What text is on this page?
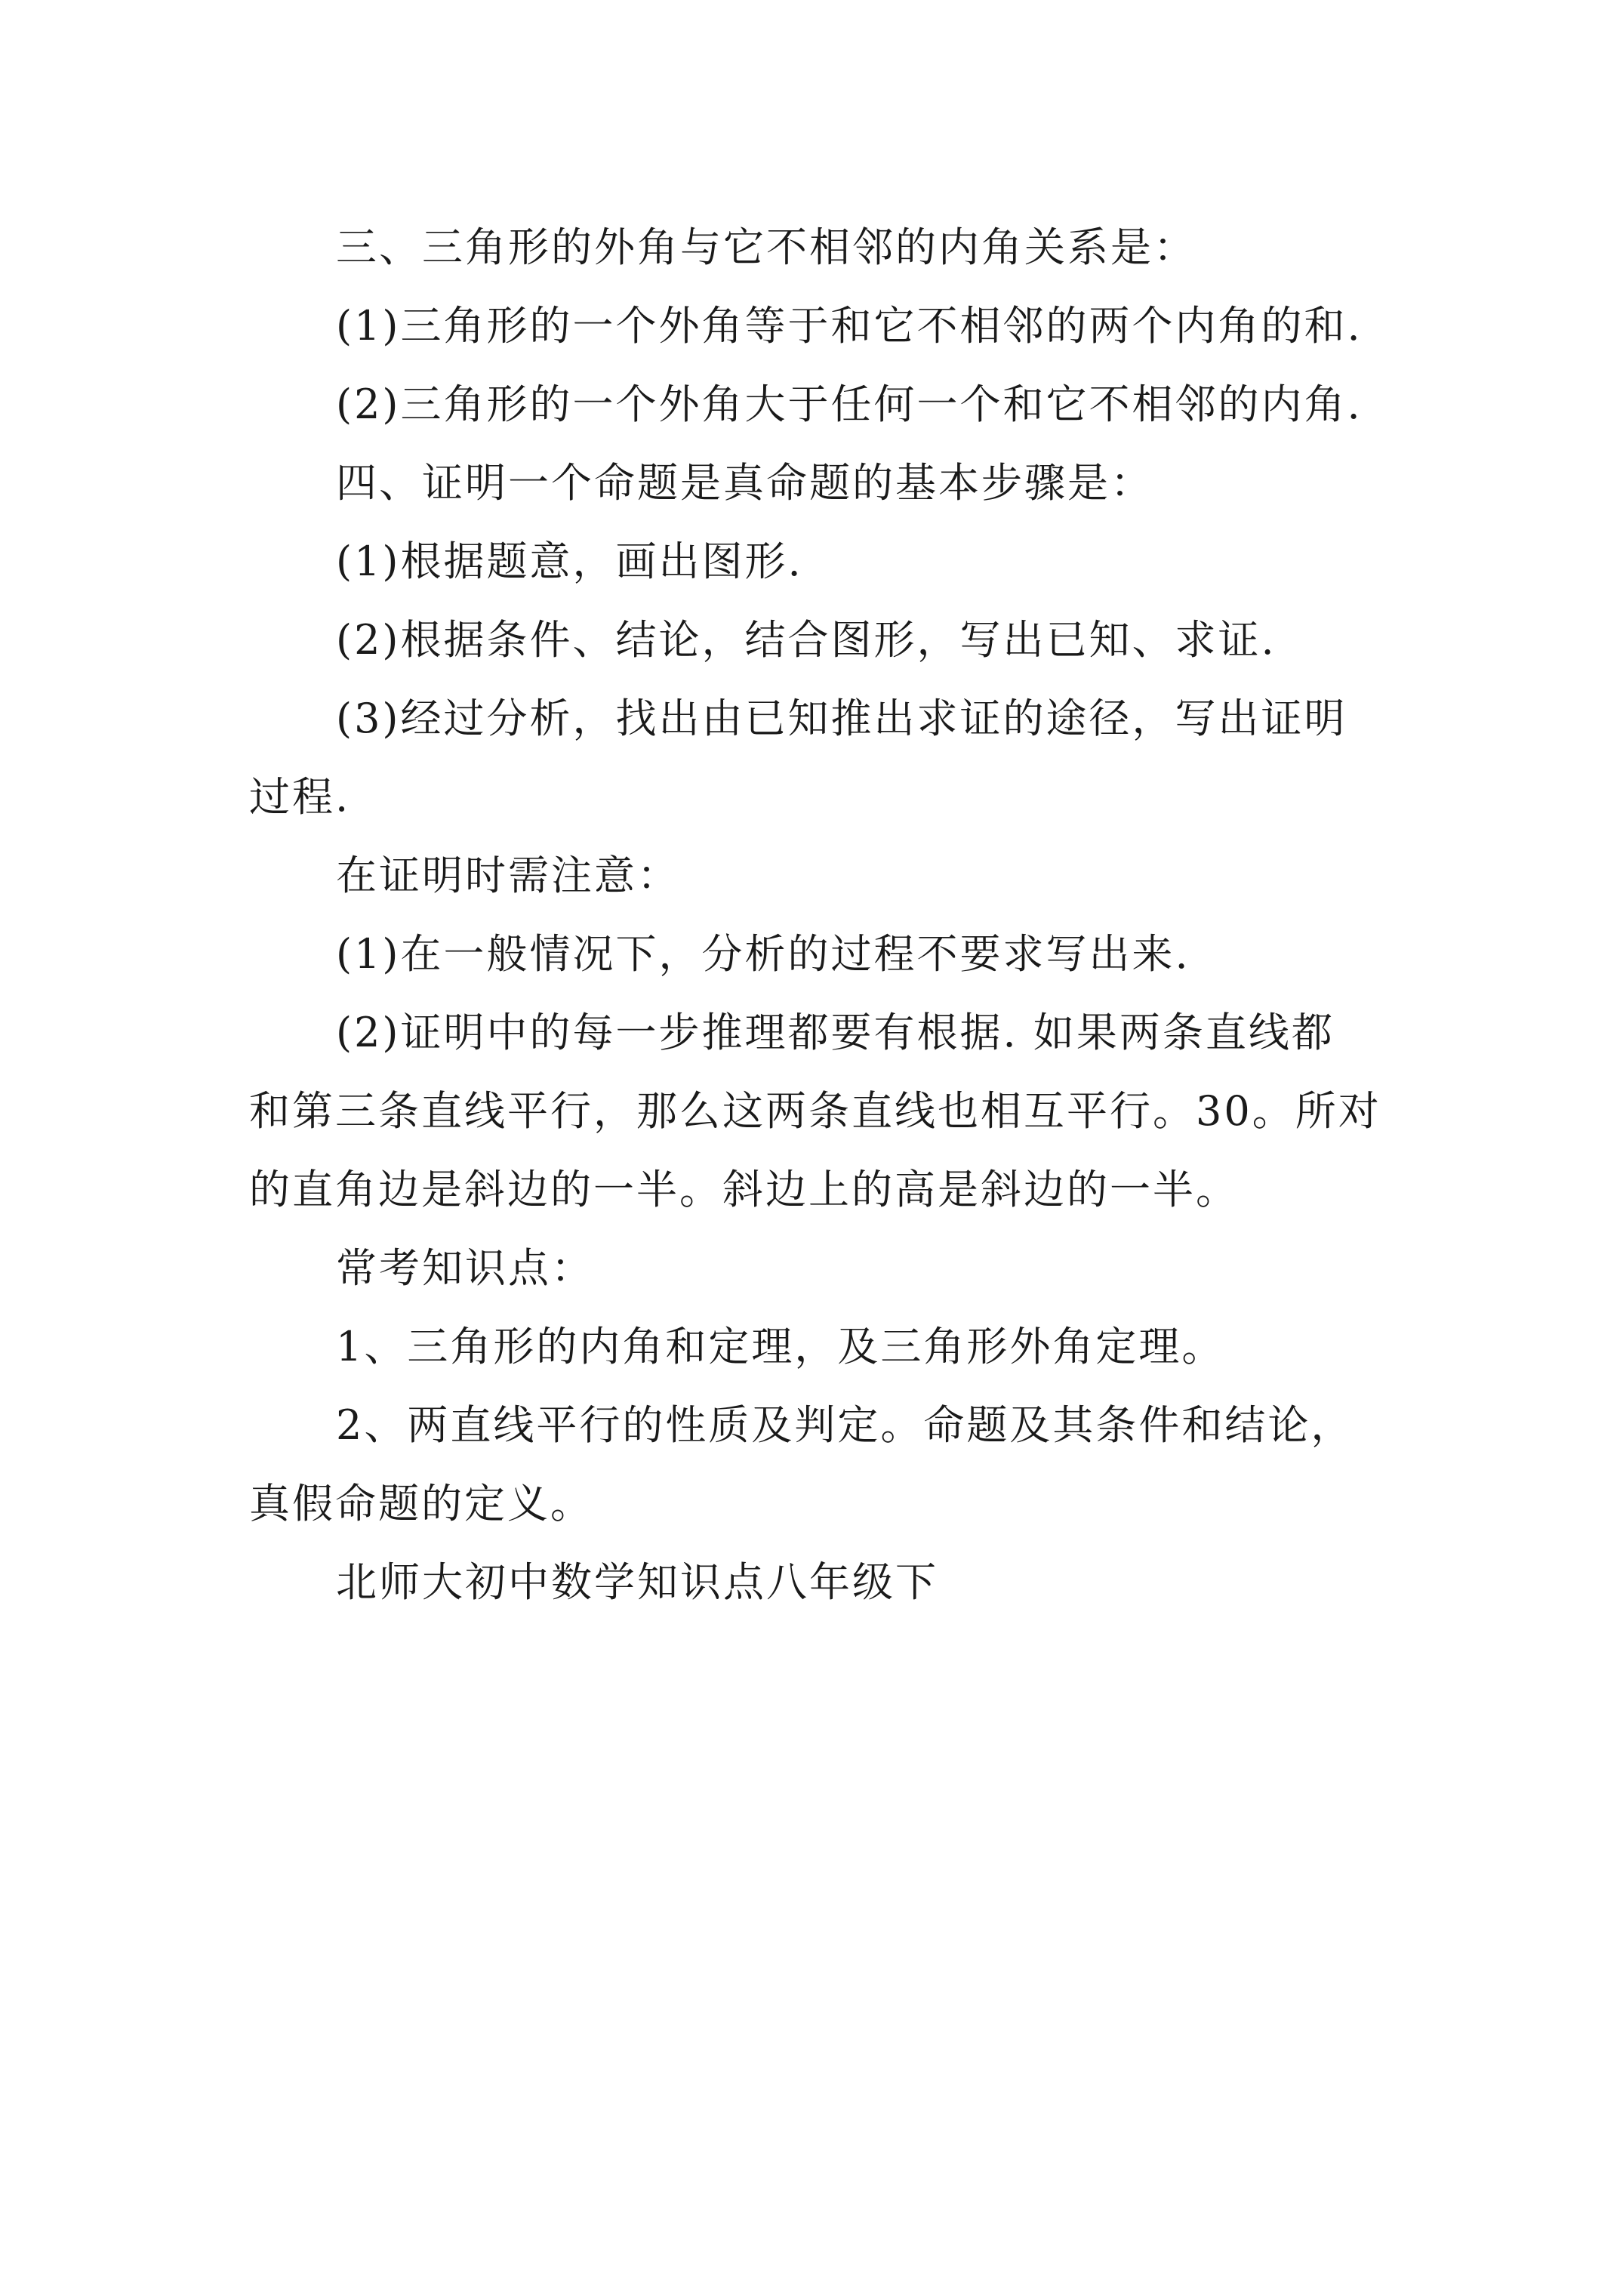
三、三角形的外角与它不相邻的内角关系是：
(1)三角形的一个外角等于和它不相邻的两个内角的和.
(2)三角形的一个外角大于任何一个和它不相邻的内角.
四、证明一个命题是真命题的基本步骤是：
(1)根据题意，画出图形.
(2)根据条件、结论，结合图形，写出已知、求证.
(3)经过分析，找出由已知推出求证的途径，写出证明
过程.
在证明时需注意：
(1)在一般情况下，分析的过程不要求写出来.
(2)证明中的每一步推理都要有根据. 如果两条直线都
和第三条直线平行，那么这两条直线也相互平行。30。所对
的直角边是斜边的一半。斜边上的高是斜边的一半。
常考知识点：
1、三角形的内角和定理，及三角形外角定理。
2、两直线平行的性质及判定。命题及其条件和结论，
真假命题的定义。
北师大初中数学知识点八年级下
